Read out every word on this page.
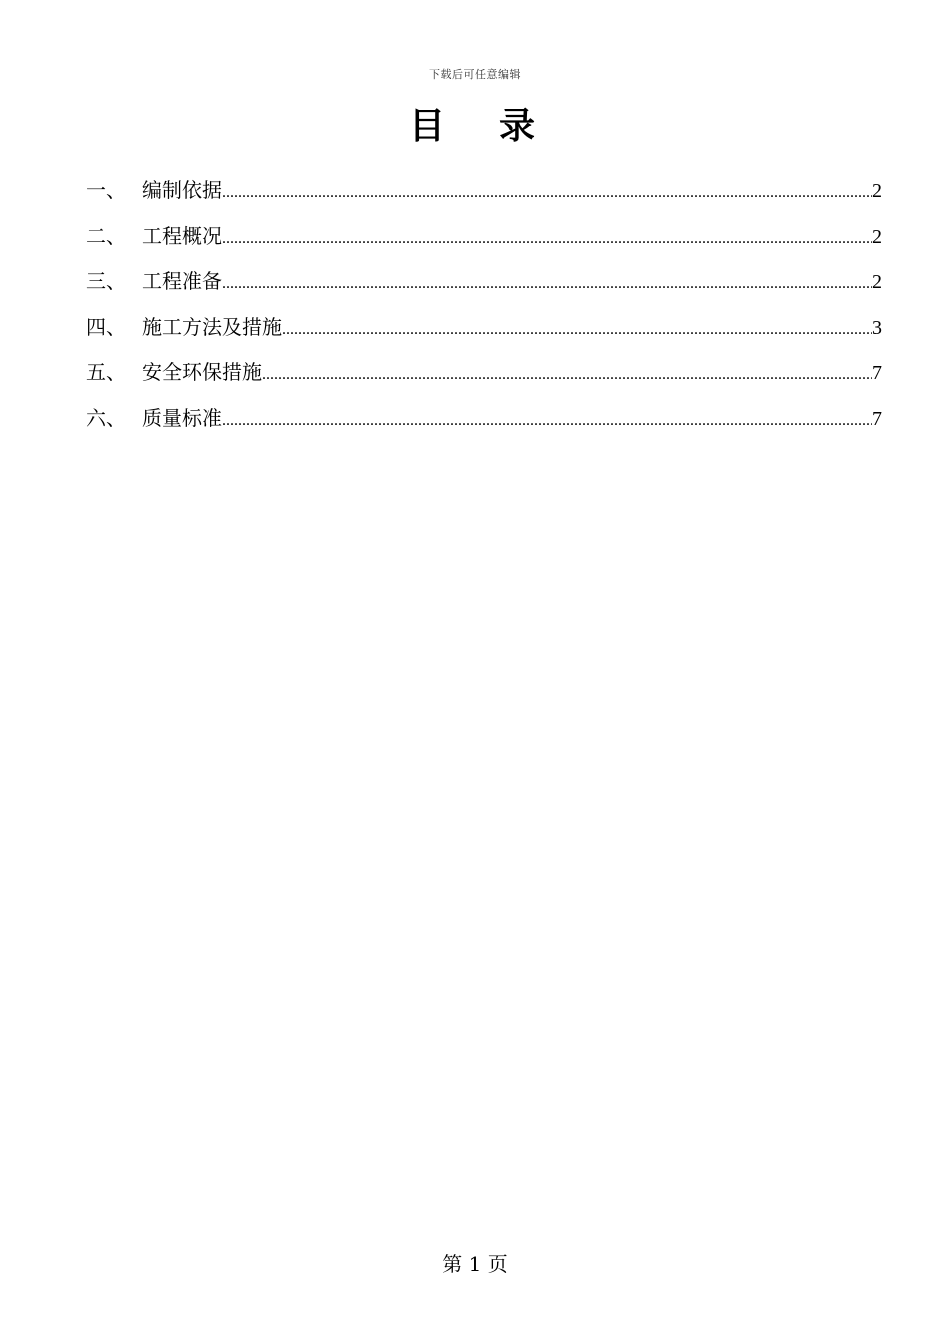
下载后可任意编辑
目 录
一、 编制依据 .....	2
二、 工程概况 .....	2
三、 工程准备 .....	2
四、 施工方法及措施 .....	3
五、 安全环保措施 .....	7
六、 质量标准 .....	7
第 1 页
